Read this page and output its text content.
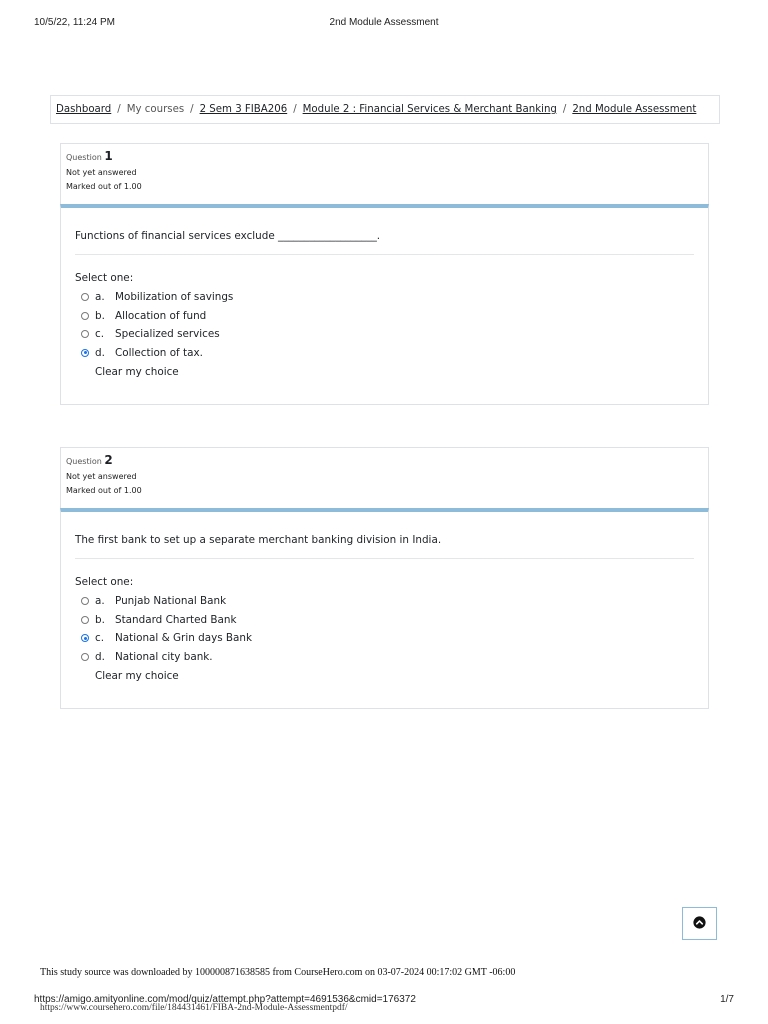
10/5/22, 11:24 PM	2nd Module Assessment
Dashboard / My courses / 2 Sem 3 FIBA206 / Module 2 : Financial Services & Merchant Banking / 2nd Module Assessment
Question 1
Not yet answered
Marked out of 1.00
Functions of financial services exclude ___________________.
Select one:
a. Mobilization of savings
b. Allocation of fund
c.	Specialized services
d. Collection of tax.
Clear my choice
Question 2
Not yet answered
Marked out of 1.00
The first bank to set up a separate merchant banking division in India.
Select one:
a. Punjab National Bank
b. Standard Charted Bank
c.	National & Grin days Bank
d. National city bank.
Clear my choice
This study source was downloaded by 100000871638585 from CourseHero.com on 03-07-2024 00:17:02 GMT -06:00
https://amigo.amityonline.com/mod/quiz/attempt.php?attempt=4691536&cmid=176372
https://www.coursehero.com/file/184431461/FIBA-2nd-Module-Assessmentpdf/
1/7
